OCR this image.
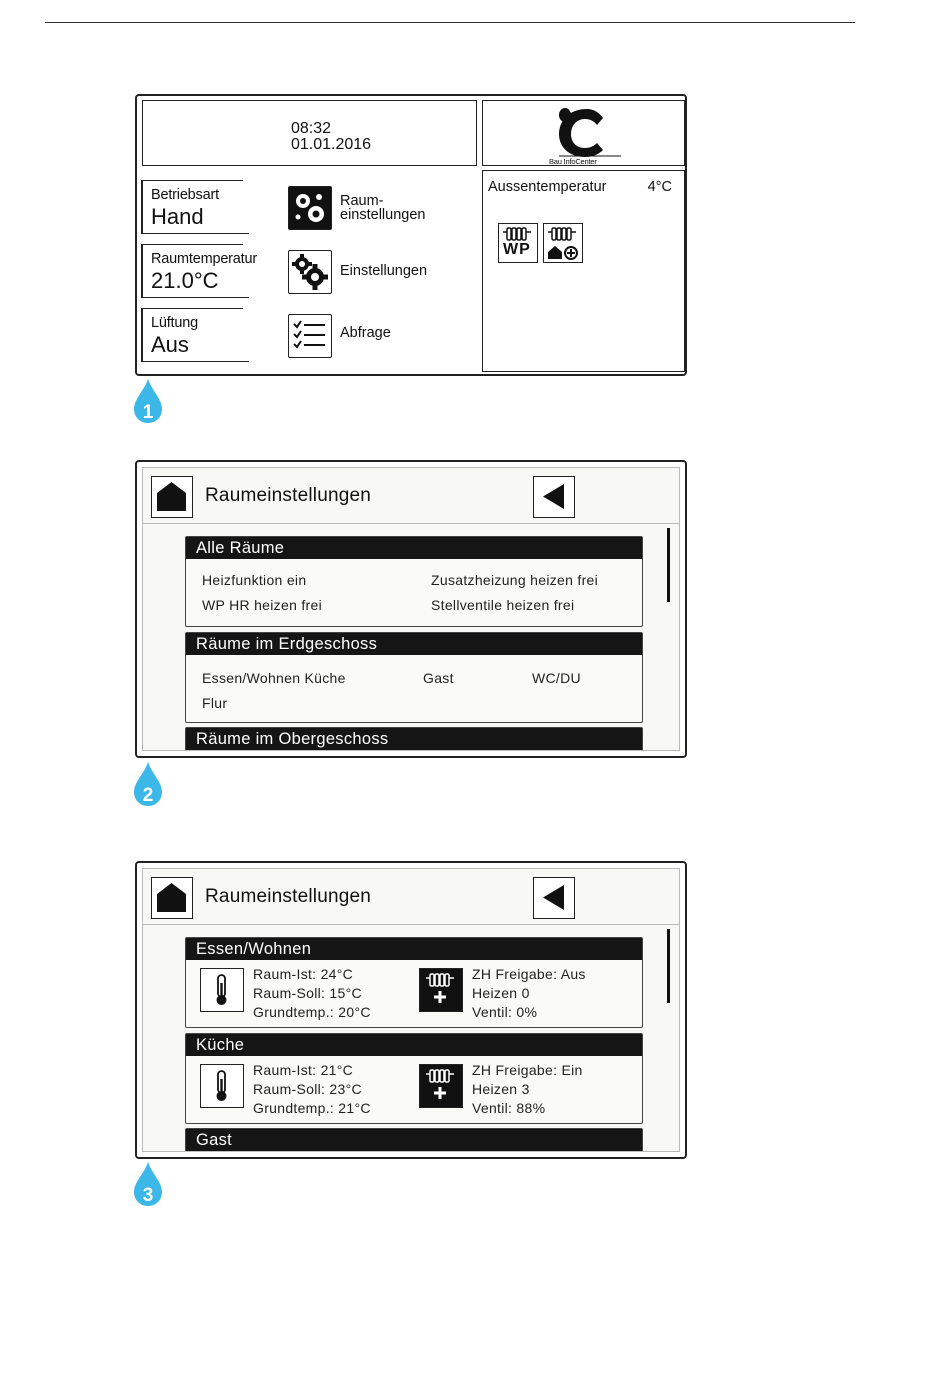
08:32
01.01.2016
Bau InfoCenter
Betriebsart
Hand
Raumtemperatur
21.0°C
Lüftung
Aus
Raum-
einstellungen
Einstellungen
Abfrage
Aussentemperatur	4°C
WP
1
Raumeinstellungen
Alle Räume
Heizfunktion ein	Zusatzheizung heizen frei
WP HR heizen frei	Stellventile heizen frei
Räume im Erdgeschoss
Essen/Wohnen Küche	Gast	WC/DU
Flur
Räume im Obergeschoss
2
Raumeinstellungen
Essen/Wohnen
Raum-Ist: 24°C
Raum-Soll: 15°C
Grundtemp.: 20°C
ZH Freigabe: Aus
Heizen 0
Ventil: 0%
Küche
Raum-Ist: 21°C
Raum-Soll: 23°C
Grundtemp.: 21°C
ZH Freigabe: Ein
Heizen 3
Ventil: 88%
Gast
3
